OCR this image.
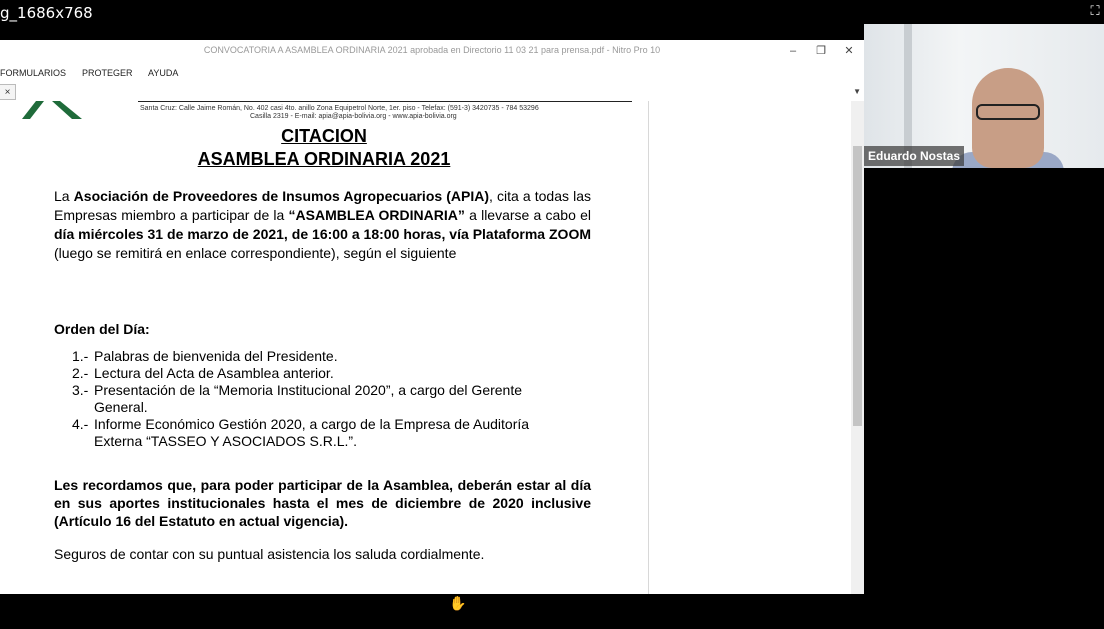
g_1686x768	⛶
CONVOCATORIA A ASAMBLEA ORDINARIA 2021 aprobada en Directorio 11 03 21 para prensa.pdf - Nitro Pro 10	–	❐	✕
FORMULARIOS PROTEGER AYUDA
×	▼
Santa Cruz: Calle Jaime Román, No. 402 casi 4to. anillo Zona Equipetrol Norte, 1er. piso - Telefax: (591-3) 3420735 - 784 53296
Casilla 2319 - E-mail: apia@apia-bolivia.org - www.apia-bolivia.org
CITACION
ASAMBLEA ORDINARIA 2021
La Asociación de Proveedores de Insumos Agropecuarios (APIA), cita a todas las Empresas miembro a participar de la “ASAMBLEA ORDINARIA” a llevarse a cabo el día miércoles 31 de marzo de 2021, de 16:00 a 18:00 horas, vía Plataforma ZOOM (luego se remitirá en enlace correspondiente), según el siguiente
Orden del Día:
1.- Palabras de bienvenida del Presidente.
2.- Lectura del Acta de Asamblea anterior.
3.- Presentación de la “Memoria Institucional 2020”, a cargo del Gerente General.
4.- Informe Económico Gestión 2020, a cargo de la Empresa de Auditoría Externa “TASSEO Y ASOCIADOS S.R.L.”.
Les recordamos que, para poder participar de la Asamblea, deberán estar al día en sus aportes institucionales hasta el mes de diciembre de 2020 inclusive (Artículo 16 del Estatuto en actual vigencia).
Seguros de contar con su puntual asistencia los saluda cordialmente.
EL DIRECTORIO
✋
Eduardo Nostas
